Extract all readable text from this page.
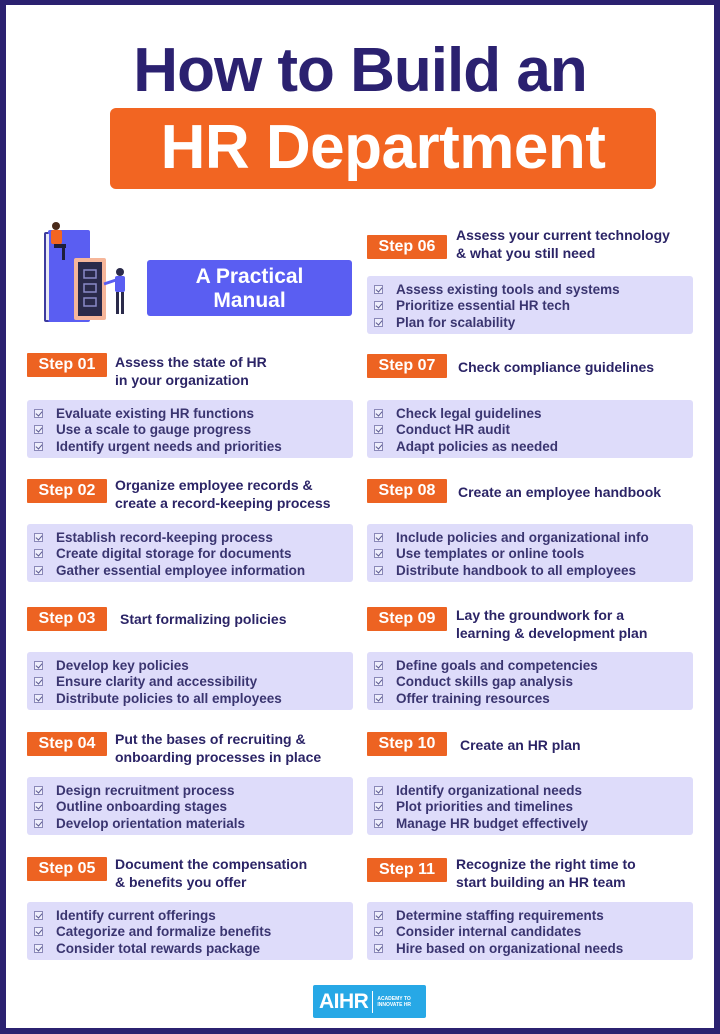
How to Build an
HR Department
A Practical
Manual
Step 01	Assess the state of HR
in your organization
Evaluate existing HR functions
Use a scale to gauge progress
Identify urgent needs and priorities
Step 02	Organize employee records &
create a record-keeping process
Establish record-keeping process
Create digital storage for documents
Gather essential employee information
Step 03	Start formalizing policies
Develop key policies
Ensure clarity and accessibility
Distribute policies to all employees
Step 04	Put the bases of recruiting &
onboarding processes in place
Design recruitment process
Outline onboarding stages
Develop orientation materials
Step 05	Document the compensation
& benefits you offer
Identify current offerings
Categorize and formalize benefits
Consider total rewards package
Step 06
Assess your current technology
& what you still need
Assess existing tools and systems
Prioritize essential HR tech
Plan for scalability
Step 07	Check compliance guidelines
Check legal guidelines
Conduct HR audit
Adapt policies as needed
Step 08	Create an employee handbook
Include policies and organizational info
Use templates or online tools
Distribute handbook to all employees
Step 09	Lay the groundwork for a
learning & development plan
Define goals and competencies
Conduct skills gap analysis
Offer training resources
Step 10	Create an HR plan
Identify organizational needs
Plot priorities and timelines
Manage HR budget effectively
Step 11	Recognize the right time to
start building an HR team
Determine staffing requirements
Consider internal candidates
Hire based on organizational needs
AIHR ACADEMY TO
INNOVATE HR
